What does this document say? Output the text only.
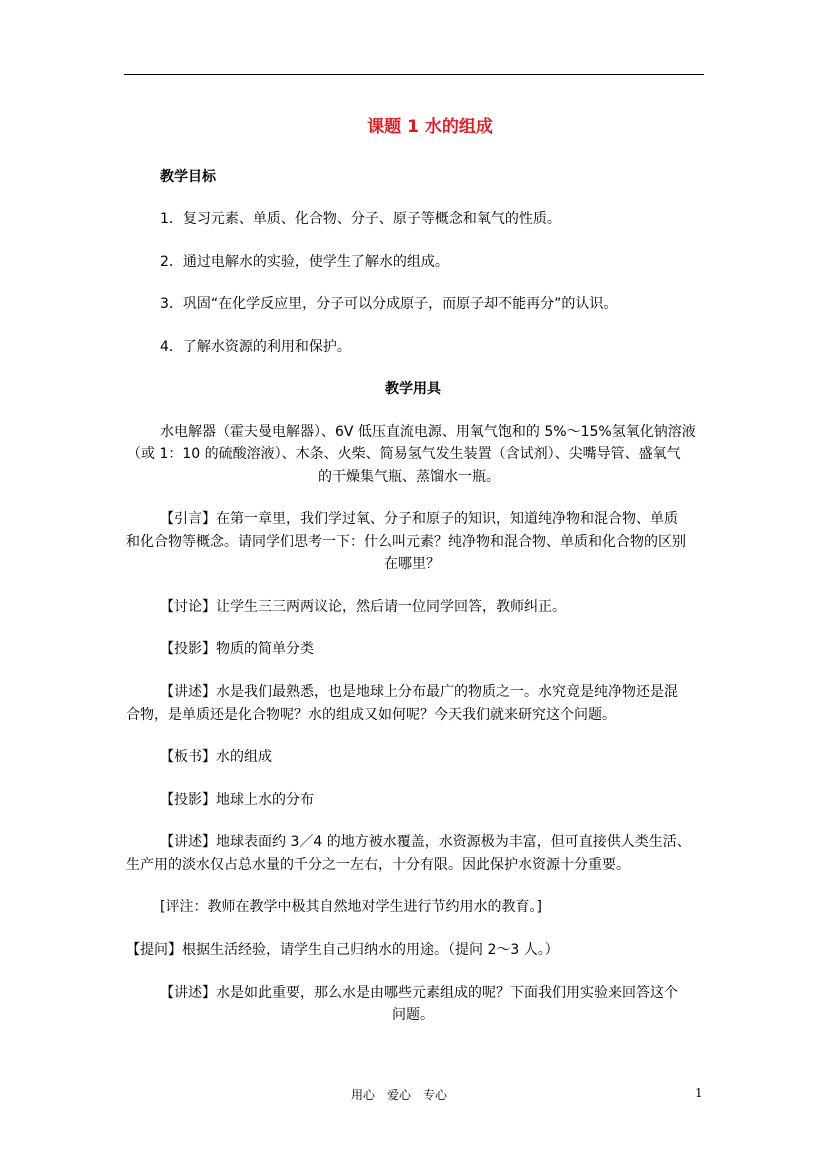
课题 1 水的组成
教学目标
1．复习元素、单质、化合物、分子、原子等概念和氧气的性质。
2．通过电解水的实验，使学生了解水的组成。
3．巩固“在化学反应里，分子可以分成原子，而原子却不能再分”的认识。
4．了解水资源的利用和保护。
教学用具
水电解器（霍夫曼电解器）、6V 低压直流电源、用氧气饱和的 5%～15%氢氧化钠溶液
（或 1：10 的硫酸溶液）、木条、火柴、简易氢气发生装置（含试剂）、尖嘴导管、盛氧气
的干燥集气瓶、蒸馏水一瓶。
【引言】在第一章里，我们学过氧、分子和原子的知识，知道纯净物和混合物、单质
和化合物等概念。请同学们思考一下：什么叫元素？纯净物和混合物、单质和化合物的区别
在哪里？
【讨论】让学生三三两两议论，然后请一位同学回答，教师纠正。
【投影】物质的简单分类
【讲述】水是我们最熟悉，也是地球上分布最广的物质之一。水究竟是纯净物还是混
合物，是单质还是化合物呢？水的组成又如何呢？今天我们就来研究这个问题。
【板书】水的组成
【投影】地球上水的分布
【讲述】地球表面约 3／4 的地方被水覆盖，水资源极为丰富，但可直接供人类生活、
生产用的淡水仅占总水量的千分之一左右，十分有限。因此保护水资源十分重要。
[评注：教师在教学中极其自然地对学生进行节约用水的教育。]
【提问】根据生活经验，请学生自己归纳水的用途。（提问 2～3 人。）
【讲述】水是如此重要，那么水是由哪些元素组成的呢？下面我们用实验来回答这个
问题。
用心　爱心　专心	1
